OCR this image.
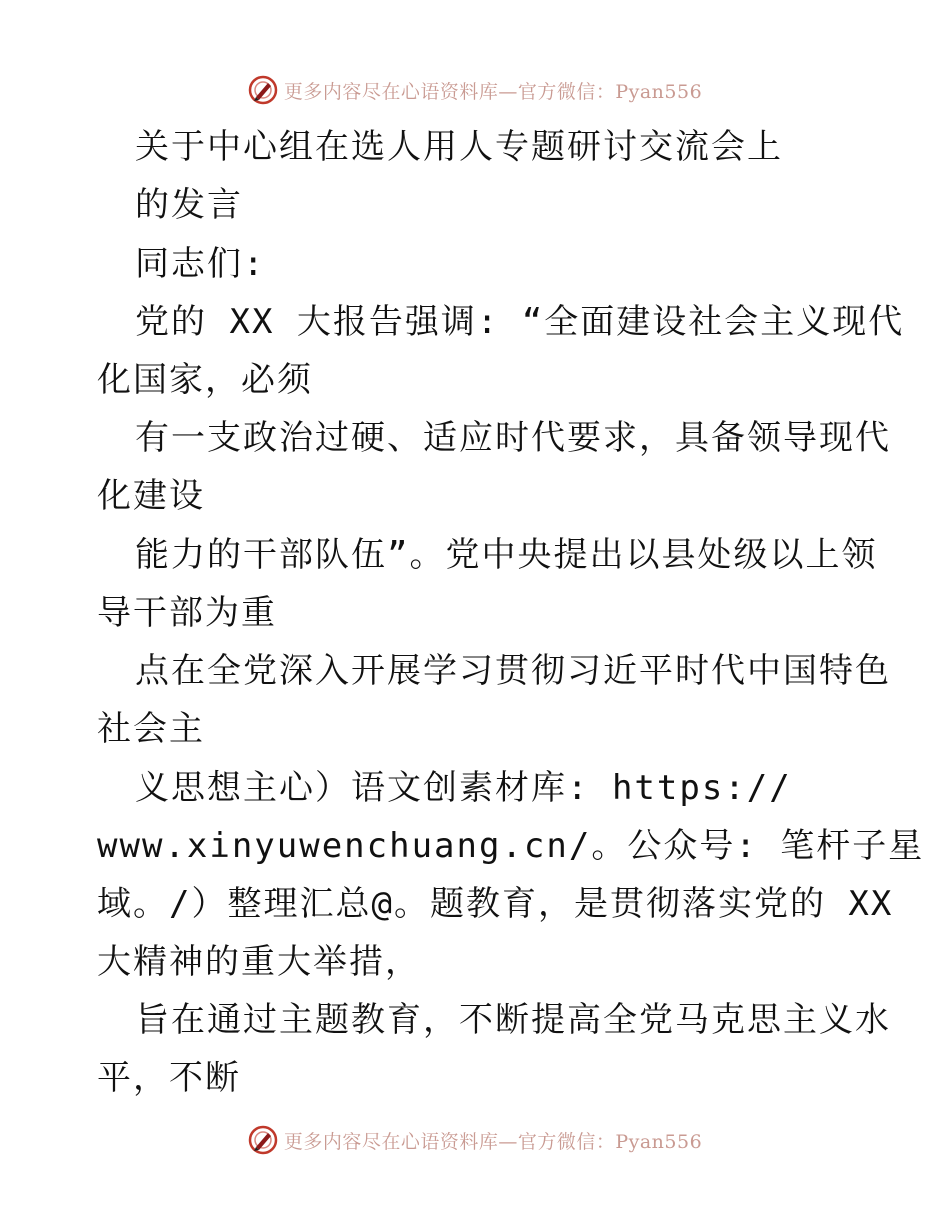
更多内容尽在心语资料库—官方微信：Pyan556
关于中心组在选人用人专题研讨交流会上
的发言
同志们:
党的 XX 大报告强调: “全面建设社会主义现代
化国家，必须
有一支政治过硬、适应时代要求，具备领导现代
化建设
能力的干部队伍”。党中央提出以县处级以上领
导干部为重
点在全党深入开展学习贯彻习近平时代中国特色
社会主
义思想主心）语文创素材库: https://
www.xinyuwenchuang.cn/。公众号: 笔杆子星
域。/）整理汇总@。题教育，是贯彻落实党的 XX
大精神的重大举措，
旨在通过主题教育，不断提高全党马克思主义水
平，不断
更多内容尽在心语资料库—官方微信：Pyan556
